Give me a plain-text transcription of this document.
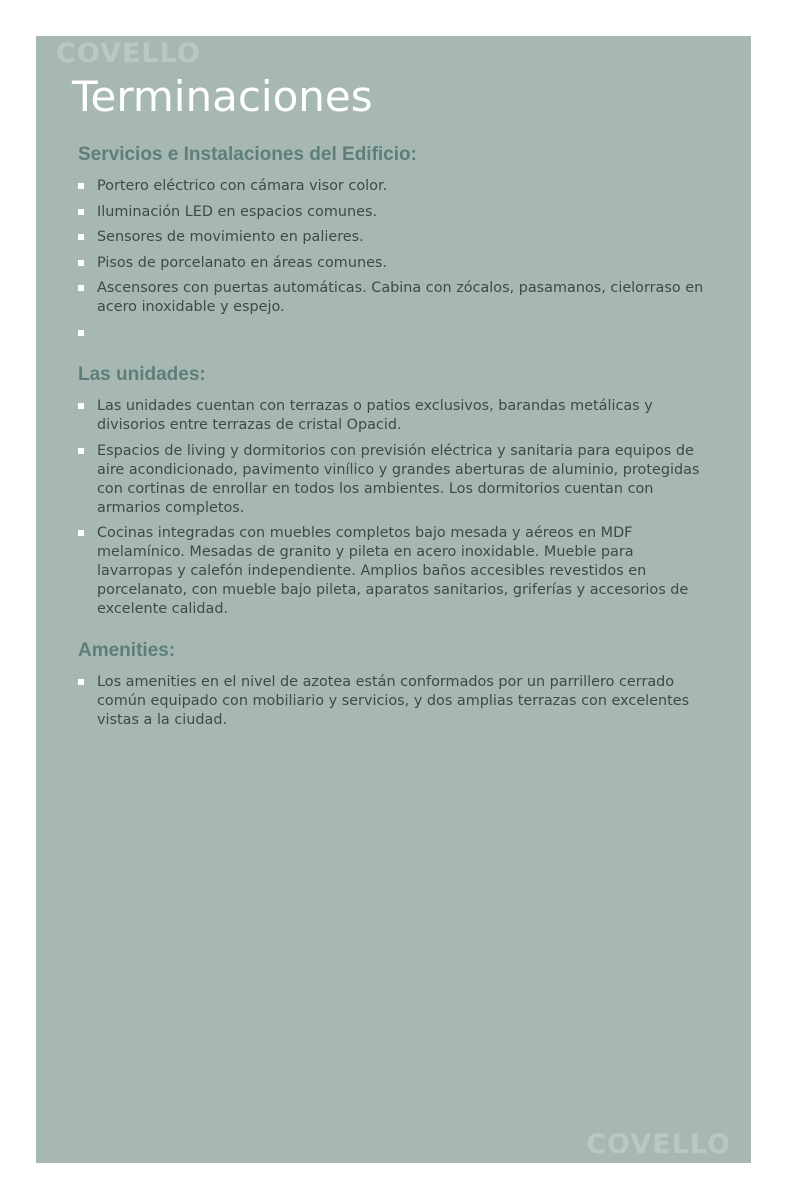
COVELLO
Terminaciones
Servicios e Instalaciones del Edificio:
Portero eléctrico con cámara visor color.
Iluminación LED en espacios comunes.
Sensores de movimiento en palieres.
Pisos de porcelanato en áreas comunes.
Ascensores con puertas automáticas. Cabina con zócalos, pasamanos, cielorraso en acero inoxidable y espejo.
Las unidades:
Las unidades cuentan con terrazas o patios exclusivos, barandas metálicas y divisorios entre terrazas de cristal Opacid.
Espacios de living y dormitorios con previsión eléctrica y sanitaria para equipos de aire acondicionado, pavimento vinílico y grandes aberturas de aluminio, protegidas con cortinas de enrollar en todos los ambientes. Los dormitorios cuentan con armarios completos.
Cocinas integradas con muebles completos bajo mesada y aéreos en MDF melamínico. Mesadas de granito y pileta en acero inoxidable. Mueble para lavarropas y calefón independiente. Amplios baños accesibles revestidos en porcelanato, con mueble bajo pileta, aparatos sanitarios, griferías y accesorios de excelente calidad.
Amenities:
Los amenities en el nivel de azotea están conformados por un parrillero cerrado común equipado con mobiliario y servicios, y dos amplias terrazas con excelentes vistas a la ciudad.
COVELLO
